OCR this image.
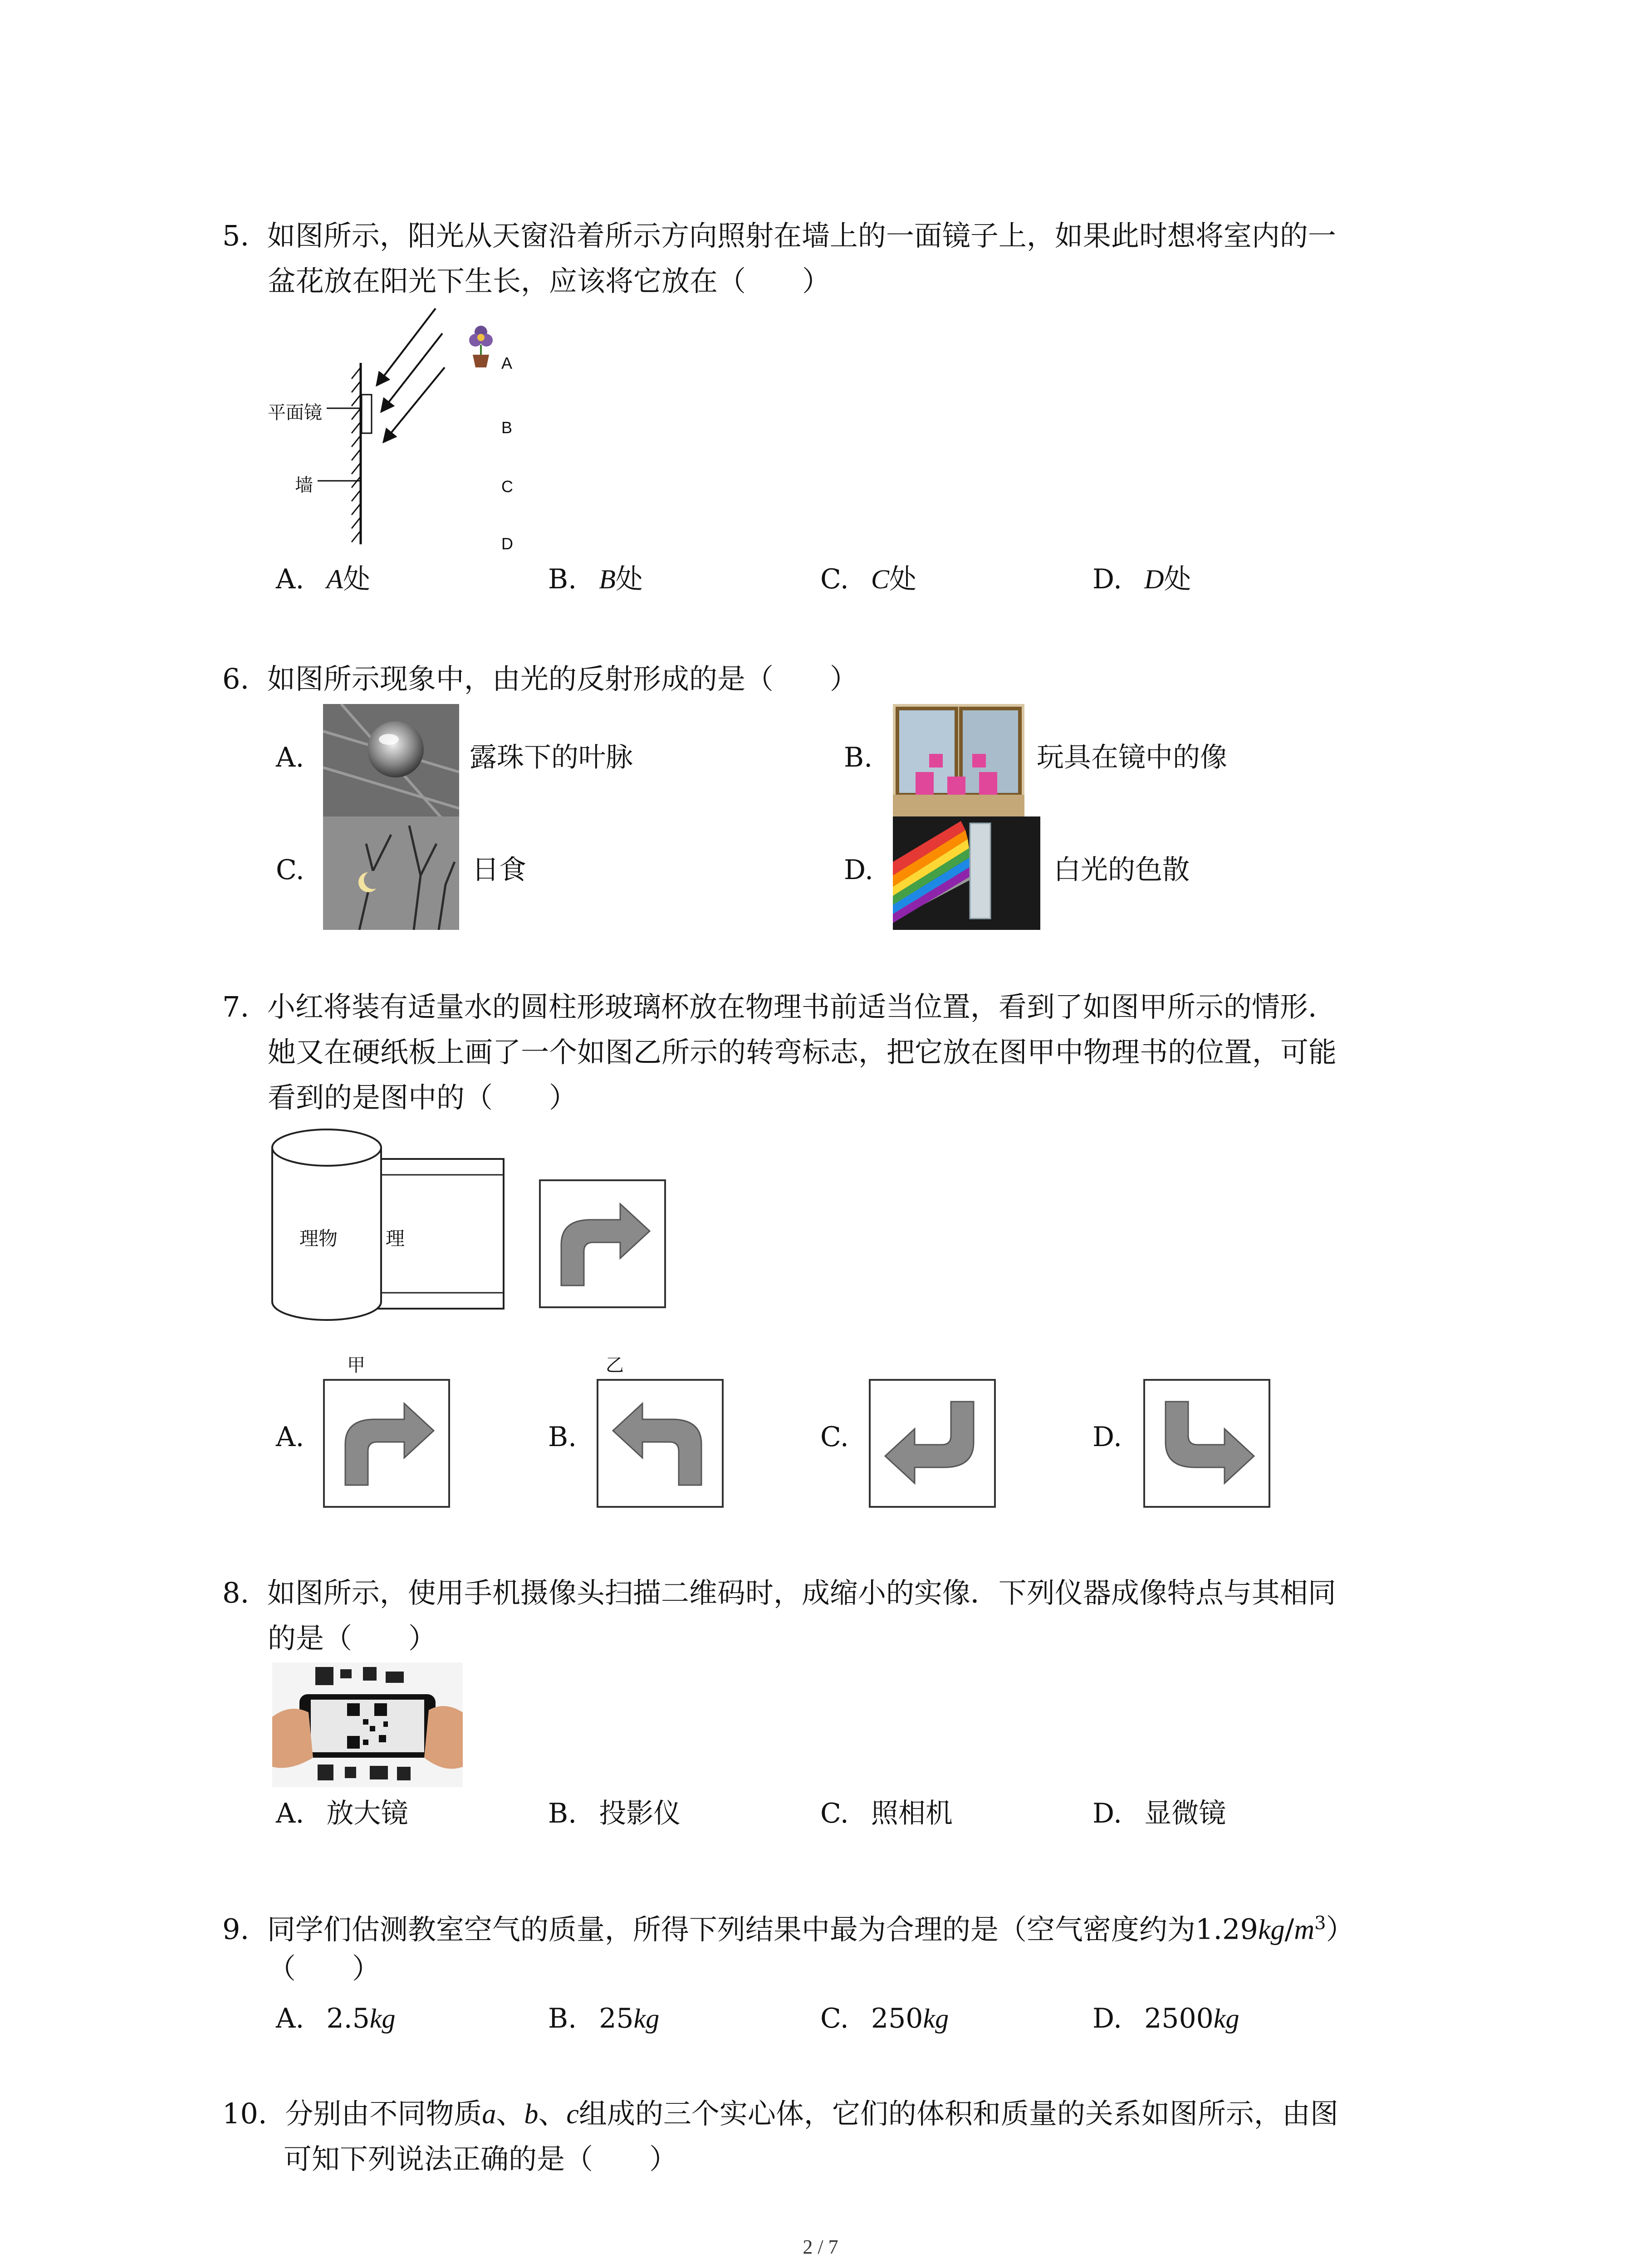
5. 如图所示，阳光从天窗沿着所示方向照射在墙上的一面镜子上，如果此时想将室内的一
盆花放在阳光下生长，应该将它放在（　　）
平面镜
墙
A
B
C
D
A. A处	B. B处	C. C处	D. D处
6. 如图所示现象中，由光的反射形成的是（　　）
A.	露珠下的叶脉	B.	玩具在镜中的像
C.	日食	D.	白光的色散
7. 小红将装有适量水的圆柱形玻璃杯放在物理书前适当位置，看到了如图甲所示的情形.
她又在硬纸板上画了一个如图乙所示的转弯标志，把它放在图甲中物理书的位置，可能
看到的是图中的（　　）
理物	理
甲	乙
A.	B.	C.	D.
8. 如图所示，使用手机摄像头扫描二维码时，成缩小的实像．下列仪器成像特点与其相同
的是（　　）
A. 放大镜	B. 投影仪	C. 照相机	D. 显微镜
9. 同学们估测教室空气的质量，所得下列结果中最为合理的是（空气密度约为$1.29kg/m^3$）
（　　）
A. 2.5kg	B. 25kg	C. 250kg	D. 2500kg
10. 分别由不同物质a、b、c组成的三个实心体，它们的体积和质量的关系如图所示，由图
可知下列说法正确的是（　　）
2 / 7
